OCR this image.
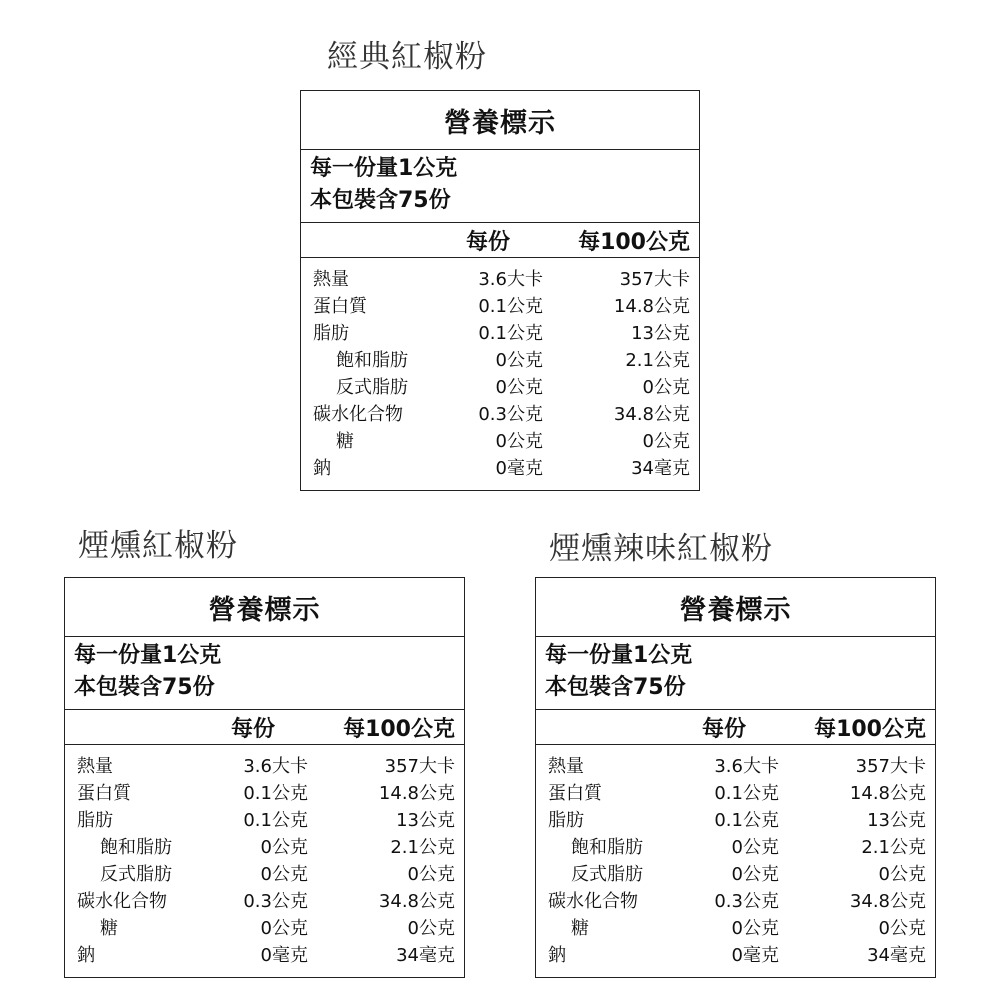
經典紅椒粉
營養標示
每一份量1公克
本包裝含75份
每份	每100公克
熱量	3.6大卡	357大卡
蛋白質	0.1公克	14.8公克
脂肪	0.1公克	13公克
飽和脂肪	0公克	2.1公克
反式脂肪	0公克	0公克
碳水化合物	0.3公克	34.8公克
糖	0公克	0公克
鈉	0毫克	34毫克
煙燻紅椒粉
營養標示
每一份量1公克
本包裝含75份
每份	每100公克
熱量	3.6大卡	357大卡
蛋白質	0.1公克	14.8公克
脂肪	0.1公克	13公克
飽和脂肪	0公克	2.1公克
反式脂肪	0公克	0公克
碳水化合物	0.3公克	34.8公克
糖	0公克	0公克
鈉	0毫克	34毫克
煙燻辣味紅椒粉
營養標示
每一份量1公克
本包裝含75份
每份	每100公克
熱量	3.6大卡	357大卡
蛋白質	0.1公克	14.8公克
脂肪	0.1公克	13公克
飽和脂肪	0公克	2.1公克
反式脂肪	0公克	0公克
碳水化合物	0.3公克	34.8公克
糖	0公克	0公克
鈉	0毫克	34毫克
